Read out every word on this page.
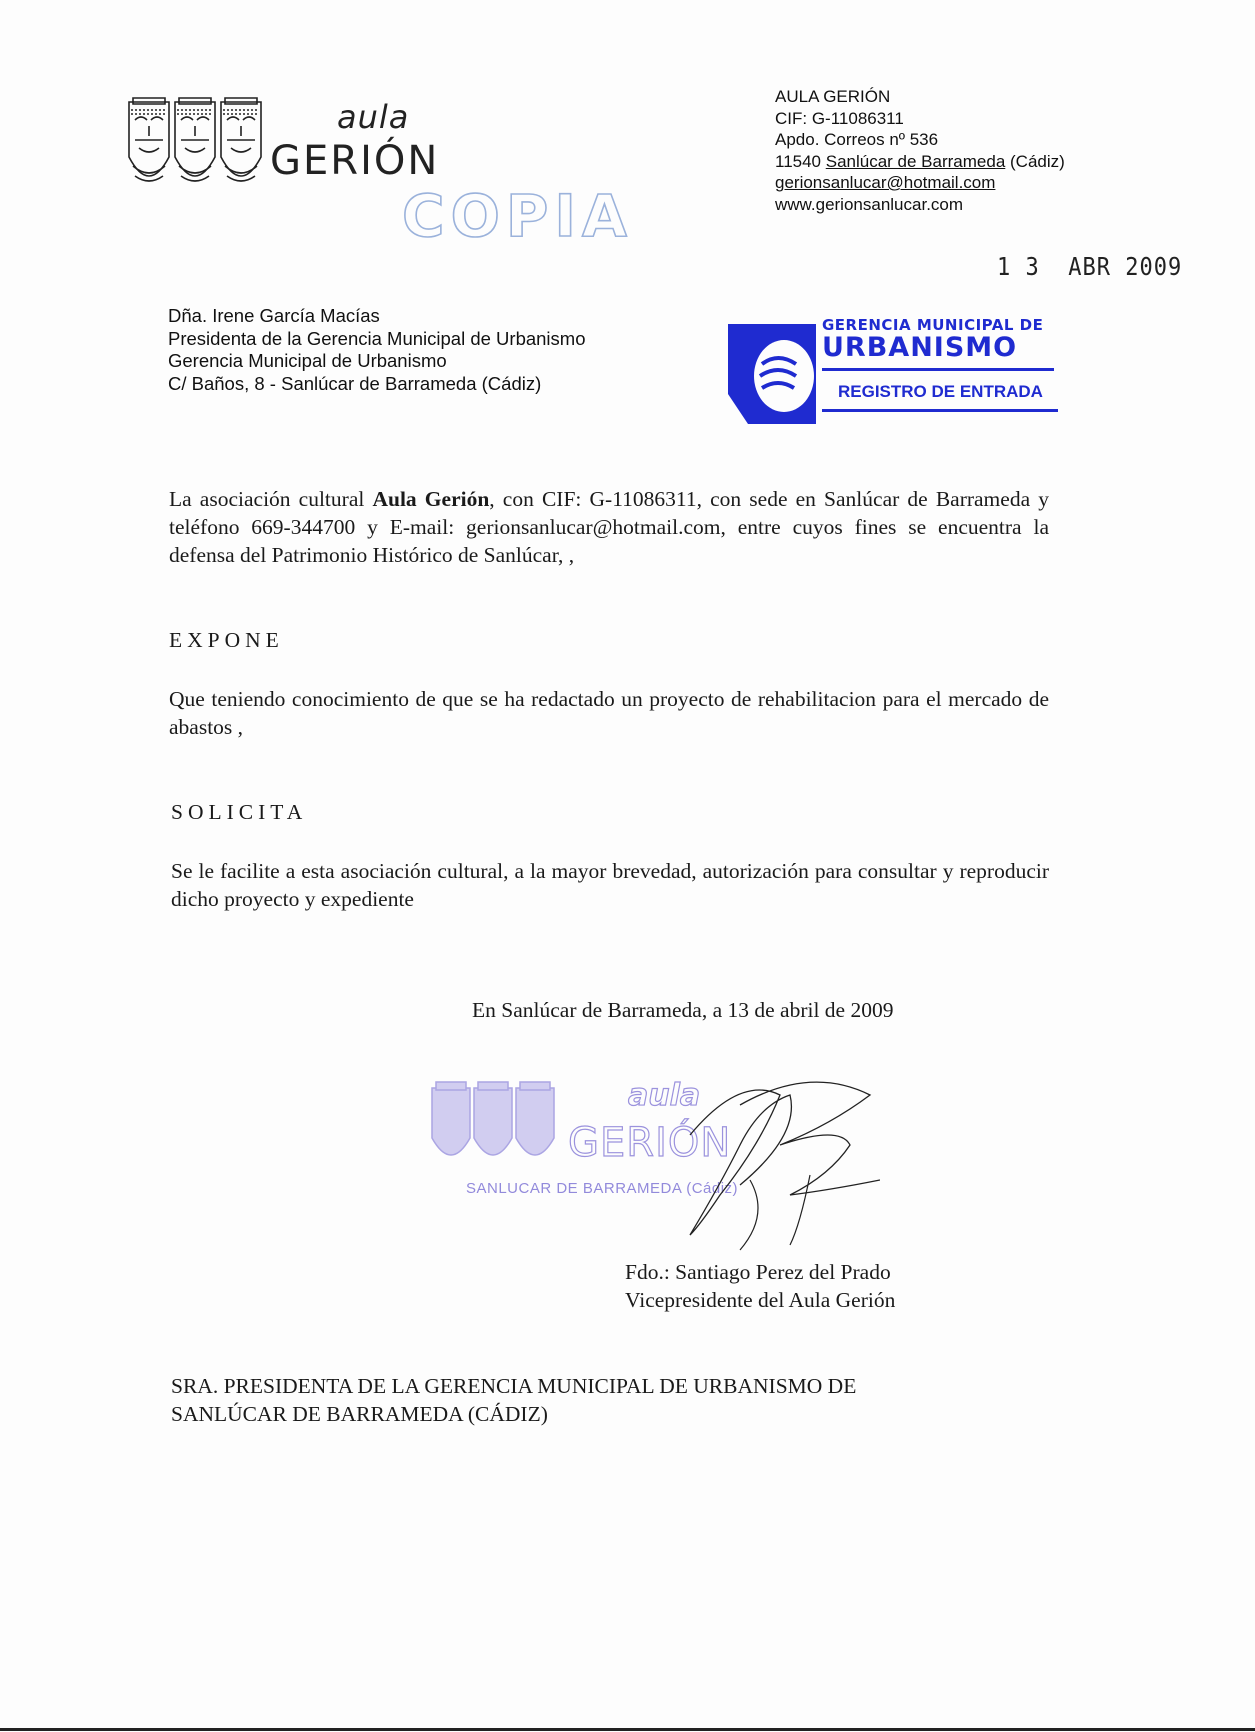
aula
GERIÓN
COPIA
AULA GERIÓN
CIF: G-11086311
Apdo. Correos nº 536
11540 Sanlúcar de Barrameda (Cádiz)
gerionsanlucar@hotmail.com
www.gerionsanlucar.com
1 3  ABR 2009
Dña. Irene García Macías
Presidenta de la Gerencia Municipal de Urbanismo
Gerencia Municipal de Urbanismo
C/ Baños, 8 - Sanlúcar de Barrameda (Cádiz)
GERENCIA MUNICIPAL DE
URBANISMO
REGISTRO DE ENTRADA
La asociación cultural Aula Gerión, con CIF: G-11086311, con sede en Sanlúcar de Barrameda y teléfono 669-344700 y E-mail: gerionsanlucar@hotmail.com, entre cuyos fines se encuentra la defensa del Patrimonio Histórico de Sanlúcar, ,
EXPONE
Que teniendo conocimiento de que se ha redactado un proyecto de rehabilitacion para el mercado de abastos ,
SOLICITA
Se le facilite a esta asociación cultural, a la mayor brevedad, autorización para consultar y reproducir dicho proyecto y expediente
En Sanlúcar de Barrameda, a 13 de abril de 2009
aula
GERIÓN
SANLUCAR DE BARRAMEDA (Cádiz)
Fdo.: Santiago Perez del Prado
Vicepresidente del Aula Gerión
SRA. PRESIDENTA DE LA GERENCIA MUNICIPAL DE URBANISMO DE
SANLÚCAR DE BARRAMEDA (CÁDIZ)
